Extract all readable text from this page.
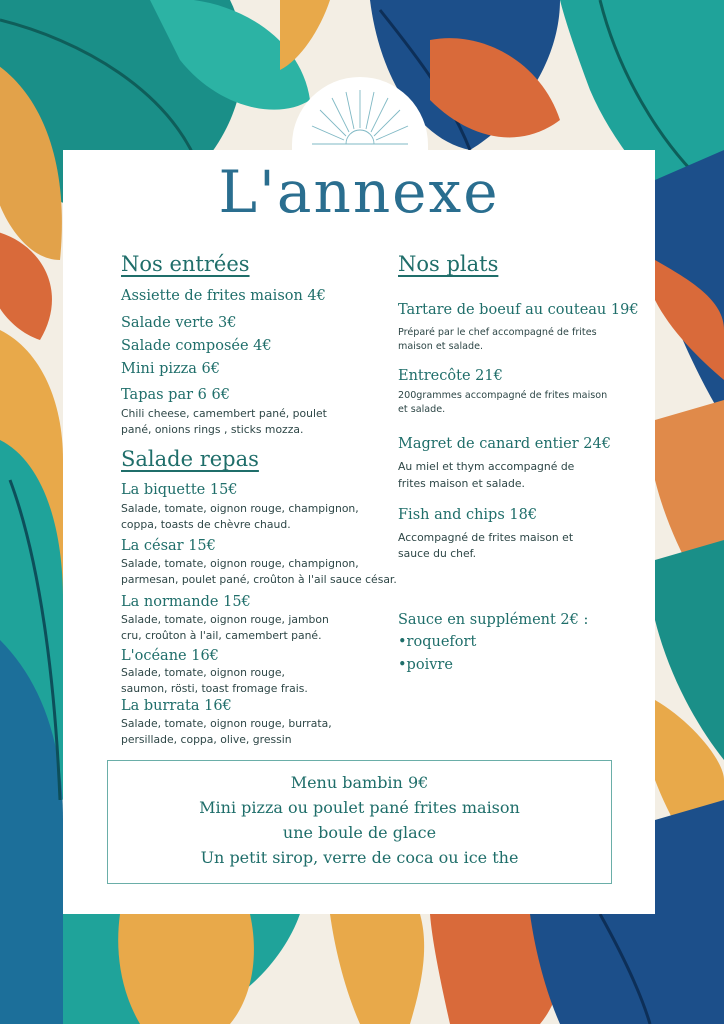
L'annexe
Nos entrées
Assiette de frites maison 4€
Salade verte 3€
Salade composée 4€
Mini pizza 6€
Tapas par 6 6€
Chili cheese, camembert pané, poulet
pané, onions rings , sticks mozza.
Salade repas
La biquette 15€
Salade, tomate, oignon rouge, champignon,
coppa, toasts de chèvre chaud.
La césar 15€
Salade, tomate, oignon rouge, champignon,
parmesan, poulet pané, croûton à l'ail sauce césar.
La normande 15€
Salade, tomate, oignon rouge, jambon
cru, croûton à l'ail, camembert pané.
L'océane 16€
Salade, tomate, oignon rouge,
saumon, rösti, toast fromage frais.
La burrata 16€
Salade, tomate, oignon rouge, burrata,
persillade, coppa, olive, gressin
Nos plats
Tartare de boeuf au couteau 19€
Préparé par le chef accompagné de frites
maison et salade.
Entrecôte 21€
200grammes accompagné de frites maison
et salade.
Magret de canard entier 24€
Au miel et thym accompagné de
frites maison et salade.
Fish and chips 18€
Accompagné de frites maison et
sauce du chef.
Sauce en supplément 2€ :
•roquefort
•poivre
Menu bambin 9€
Mini pizza ou poulet pané frites maison
une boule de glace
Un petit sirop, verre de coca ou ice the
